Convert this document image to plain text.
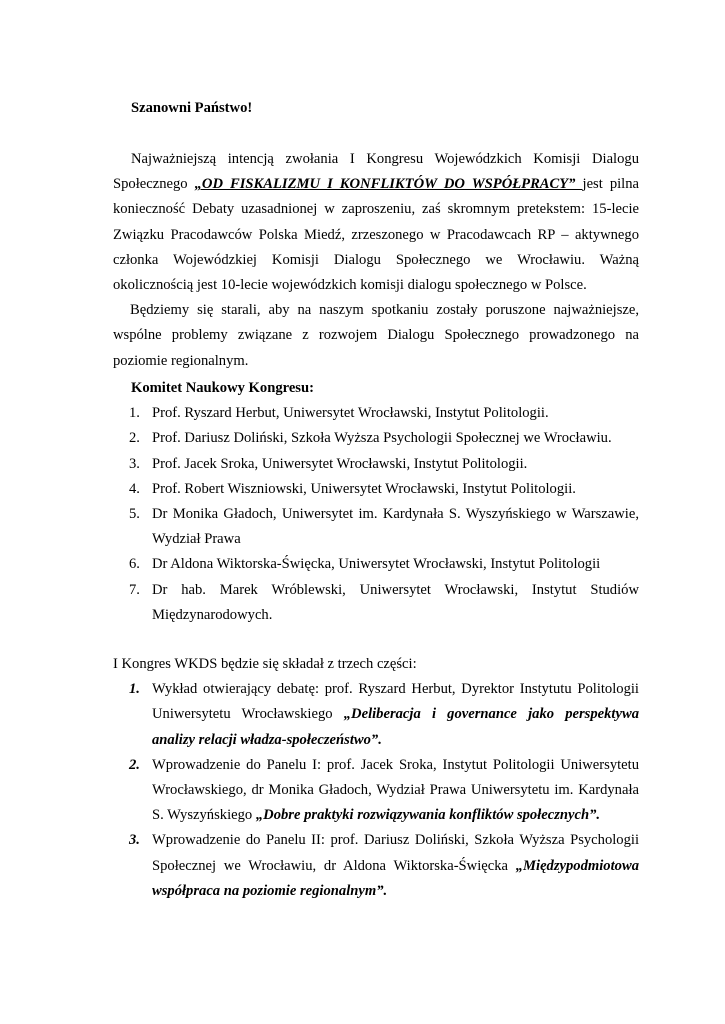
Szanowni Państwo!

Najważniejszą intencją zwołania I Kongresu Wojewódzkich Komisji Dialogu Społecznego „OD FISKALIZMU I KONFLIKTÓW DO WSPÓŁPRACY” jest pilna konieczność Debaty uzasadnionej w zaproszeniu, zaś skromnym pretekstem: 15-lecie Związku Pracodawców Polska Miedź, zrzeszonego w Pracodawcach RP – aktywnego członka Wojewódzkiej Komisji Dialogu Społecznego we Wrocławiu. Ważną okolicznością jest 10-lecie wojewódzkich komisji dialogu społecznego w Polsce.

Będziemy się starali, aby na naszym spotkaniu zostały poruszone najważniejsze, wspólne problemy związane z rozwojem Dialogu Społecznego prowadzonego na poziomie regionalnym.

Komitet Naukowy Kongresu:
1. Prof. Ryszard Herbut, Uniwersytet Wrocławski, Instytut Politologii.
2. Prof. Dariusz Doliński, Szkoła Wyższa Psychologii Społecznej we Wrocławiu.
3. Prof. Jacek Sroka, Uniwersytet Wrocławski, Instytut Politologii.
4. Prof. Robert Wiszniowski, Uniwersytet Wrocławski, Instytut Politologii.
5. Dr Monika Gładoch, Uniwersytet im. Kardynała S. Wyszyńskiego w Warszawie, Wydział Prawa
6. Dr Aldona Wiktorska-Święcka, Uniwersytet Wrocławski, Instytut Politologii
7. Dr hab. Marek Wróblewski, Uniwersytet Wrocławski, Instytut Studiów Międzynarodowych.
I Kongres WKDS będzie się składał z trzech części:
1. Wykład otwierający debatę: prof. Ryszard Herbut, Dyrektor Instytutu Politologii Uniwersytetu Wrocławskiego „Deliberacja i governance jako perspektywa analizy relacji władza-społeczeństwo”.
2. Wprowadzenie do Panelu I: prof. Jacek Sroka, Instytut Politologii Uniwersytetu Wrocławskiego, dr Monika Gładoch, Wydział Prawa Uniwersytetu im. Kardynała S. Wyszyńskiego „Dobre praktyki rozwiązywania konfliktów społecznych”.
3. Wprowadzenie do Panelu II: prof. Dariusz Doliński, Szkoła Wyższa Psychologii Społecznej we Wrocławiu, dr Aldona Wiktorska-Święcka „Międzypodmiotowa współpraca na poziomie regionalnym”.
